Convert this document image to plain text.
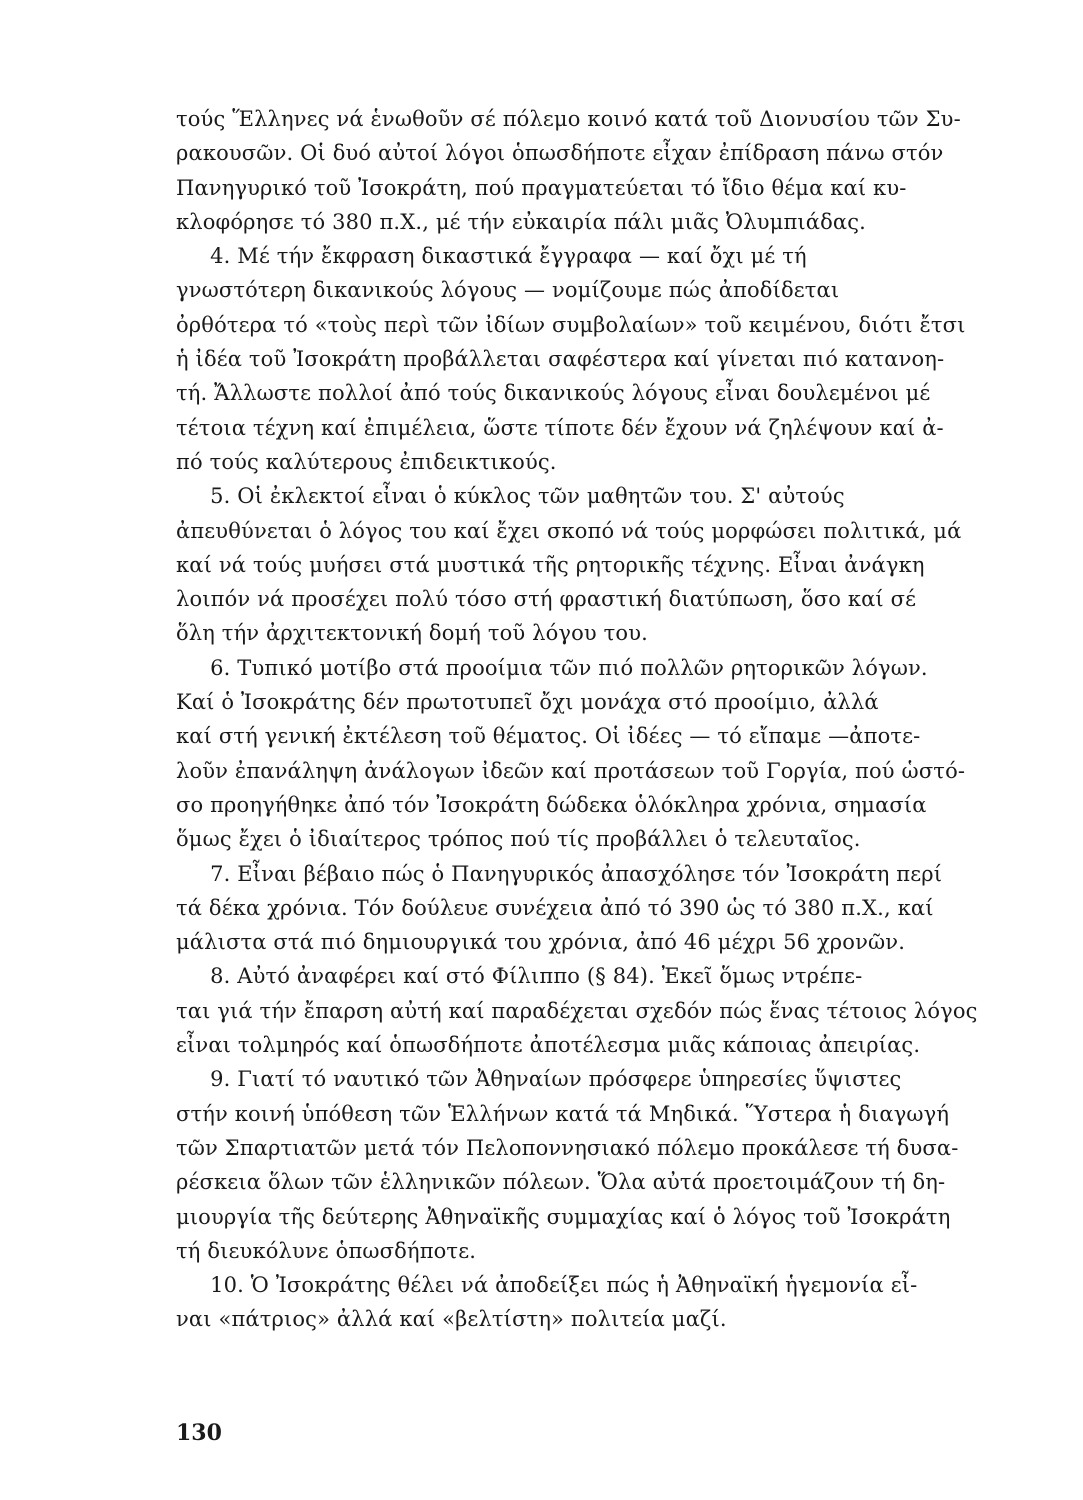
τούς Ἕλληνες νά ἑνωθοῦν σέ πόλεμο κοινό κατά τοῦ Διονυσίου τῶν Συ-
ρακουσῶν. Οἱ δυό αὐτοί λόγοι ὁπωσδήποτε εἶχαν ἐπίδραση πάνω στόν
Πανηγυρικό τοῦ Ἰσοκράτη, πού πραγματεύεται τό ἴδιο θέμα καί κυ-
κλοφόρησε τό 380 π.Χ., μέ τήν εὐκαιρία πάλι μιᾶς Ὀλυμπιάδας.
4. Μέ τήν ἔκφραση δικαστικά ἔγγραφα — καί ὄχι μέ τή
γνωστότερη δικανικούς λόγους — νομίζουμε πώς ἀποδίδεται
ὀρθότερα τό «τοὺς περὶ τῶν ἰδίων συμβολαίων» τοῦ κειμένου, διότι ἔτσι
ἡ ἰδέα τοῦ Ἰσοκράτη προβάλλεται σαφέστερα καί γίνεται πιό κατανοη-
τή. Ἄλλωστε πολλοί ἀπό τούς δικανικούς λόγους εἶναι δουλεμένοι μέ
τέτοια τέχνη καί ἐπιμέλεια, ὥστε τίποτε δέν ἔχουν νά ζηλέψουν καί ἀ-
πό τούς καλύτερους ἐπιδεικτικούς.
5. Οἱ ἐκλεκτοί εἶναι ὁ κύκλος τῶν μαθητῶν του. Σ' αὐτούς
ἀπευθύνεται ὁ λόγος του καί ἔχει σκοπό νά τούς μορφώσει πολιτικά, μά
καί νά τούς μυήσει στά μυστικά τῆς ρητορικῆς τέχνης. Εἶναι ἀνάγκη
λοιπόν νά προσέχει πολύ τόσο στή φραστική διατύπωση, ὅσο καί σέ
ὅλη τήν ἀρχιτεκτονική δομή τοῦ λόγου του.
6. Τυπικό μοτίβο στά προοίμια τῶν πιό πολλῶν ρητορικῶν λόγων.
Καί ὁ Ἰσοκράτης δέν πρωτοτυπεῖ ὄχι μονάχα στό προοίμιο, ἀλλά
καί στή γενική ἐκτέλεση τοῦ θέματος. Οἱ ἰδέες — τό εἴπαμε —ἀποτε-
λοῦν ἐπανάληψη ἀνάλογων ἰδεῶν καί προτάσεων τοῦ Γοργία, πού ὡστό-
σο προηγήθηκε ἀπό τόν Ἰσοκράτη δώδεκα ὁλόκληρα χρόνια, σημασία
ὅμως ἔχει ὁ ἰδιαίτερος τρόπος πού τίς προβάλλει ὁ τελευταῖος.
7. Εἶναι βέβαιο πώς ὁ Πανηγυρικός ἀπασχόλησε τόν Ἰσοκράτη περί
τά δέκα χρόνια. Τόν δούλευε συνέχεια ἀπό τό 390 ὡς τό 380 π.Χ., καί
μάλιστα στά πιό δημιουργικά του χρόνια, ἀπό 46 μέχρι 56 χρονῶν.
8. Αὐτό ἀναφέρει καί στό Φίλιππο (§ 84). Ἐκεῖ ὅμως ντρέπε-
ται γιά τήν ἔπαρση αὐτή καί παραδέχεται σχεδόν πώς ἕνας τέτοιος λόγος
εἶναι τολμηρός καί ὁπωσδήποτε ἀποτέλεσμα μιᾶς κάποιας ἀπειρίας.
9. Γιατί τό ναυτικό τῶν Ἀθηναίων πρόσφερε ὑπηρεσίες ὕψιστες
στήν κοινή ὑπόθεση τῶν Ἑλλήνων κατά τά Μηδικά. Ὕστερα ἡ διαγωγή
τῶν Σπαρτιατῶν μετά τόν Πελοποννησιακό πόλεμο προκάλεσε τή δυσα-
ρέσκεια ὅλων τῶν ἑλληνικῶν πόλεων. Ὅλα αὐτά προετοιμάζουν τή δη-
μιουργία τῆς δεύτερης Ἀθηναϊκῆς συμμαχίας καί ὁ λόγος τοῦ Ἰσοκράτη
τή διευκόλυνε ὁπωσδήποτε.
10. Ὁ Ἰσοκράτης θέλει νά ἀποδείξει πώς ἡ Ἀθηναϊκή ἡγεμονία εἶ-
ναι «πάτριος» ἀλλά καί «βελτίστη» πολιτεία μαζί.
130
